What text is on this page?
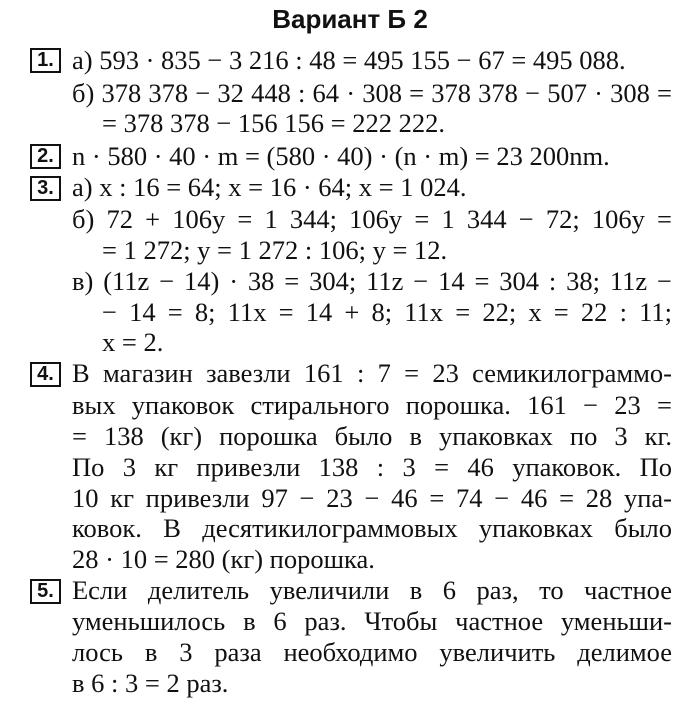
Вариант Б 2
1. а) 593 · 835 − 3 216 : 48 = 495 155 − 67 = 495 088.
б) 378 378 − 32 448 : 64 · 308 = 378 378 − 507 · 308 =
= 378 378 − 156 156 = 222 222.
2. n · 580 · 40 · m = (580 · 40) · (n · m) = 23 200nm.
3. а) x : 16 = 64; x = 16 · 64; x = 1 024.
б) 72 + 106y = 1 344; 106y = 1 344 − 72; 106y =
= 1 272; y = 1 272 : 106; y = 12.
в) (11z − 14) · 38 = 304; 11z − 14 = 304 : 38; 11z −
− 14 = 8; 11x = 14 + 8; 11x = 22; x = 22 : 11;
x = 2.
4. В магазин завезли 161 : 7 = 23 семикилограммо-
вых упаковок стирального порошка. 161 − 23 =
= 138 (кг) порошка было в упаковках по 3 кг.
По 3 кг привезли 138 : 3 = 46 упаковок. По
10 кг привезли 97 − 23 − 46 = 74 − 46 = 28 упа-
ковок. В десятикилограммовых упаковках было
28 · 10 = 280 (кг) порошка.
5. Если делитель увеличили в 6 раз, то частное
уменьшилось в 6 раз. Чтобы частное уменьши-
лось в 3 раза необходимо увеличить делимое
в 6 : 3 = 2 раз.
